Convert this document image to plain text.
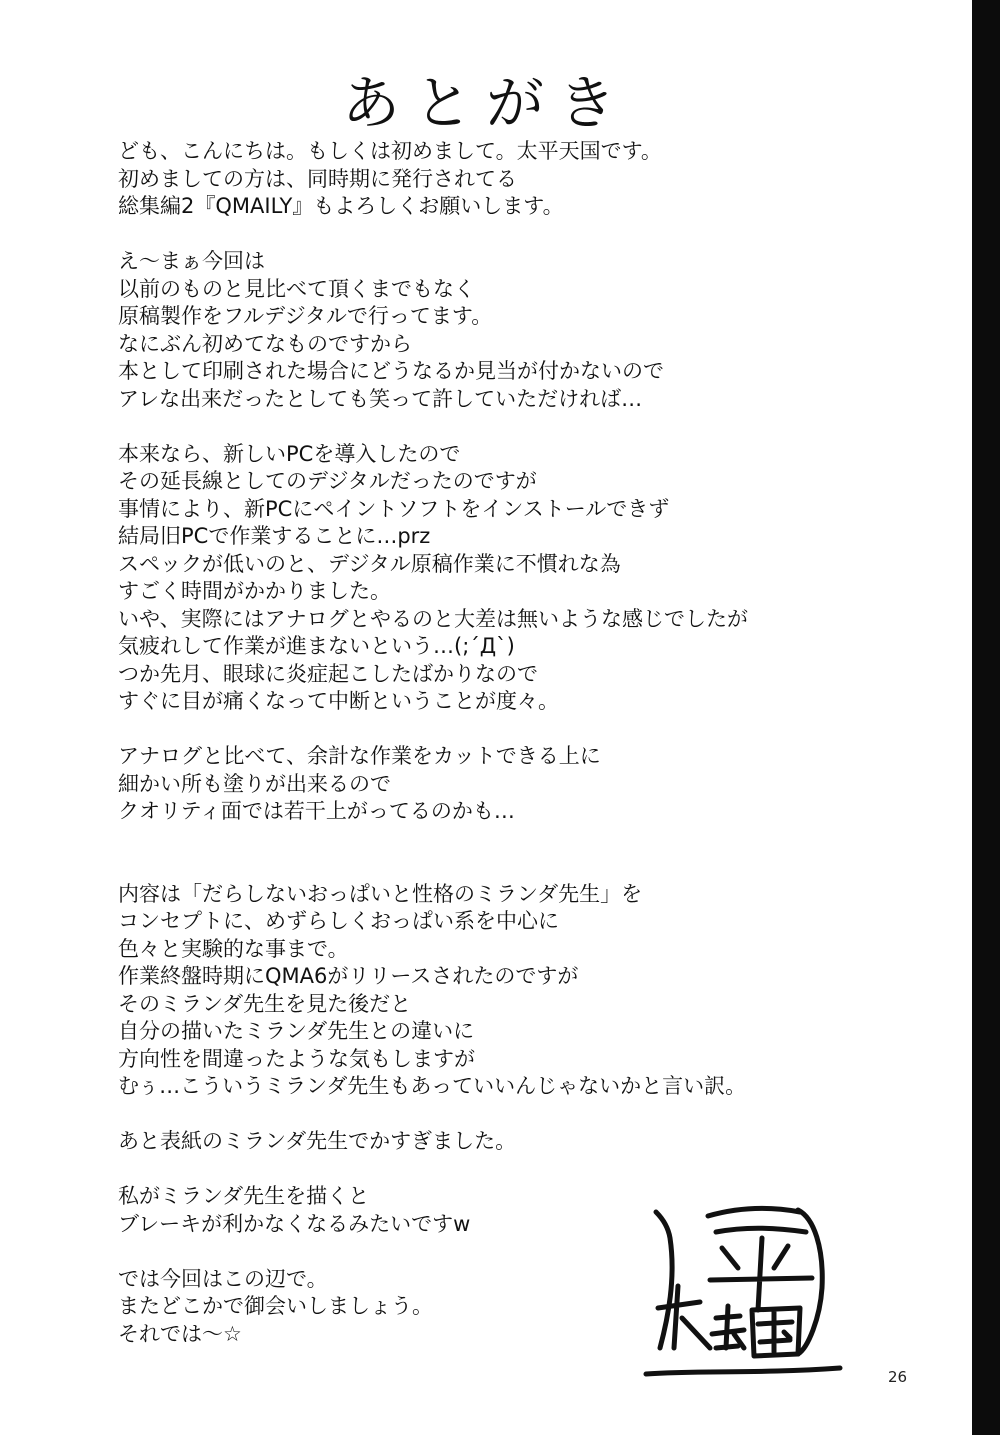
あとがき

ども、こんにちは。もしくは初めまして。太平天国です。
初めましての方は、同時期に発行されてる
総集編2『QMAILY』もよろしくお願いします。

え～まぁ今回は
以前のものと見比べて頂くまでもなく
原稿製作をフルデジタルで行ってます。
なにぶん初めてなものですから
本として印刷された場合にどうなるか見当が付かないので
アレな出来だったとしても笑って許していただければ…

本来なら、新しいPCを導入したので
その延長線としてのデジタルだったのですが
事情により、新PCにペイントソフトをインストールできず
結局旧PCで作業することに…prz
スペックが低いのと、デジタル原稿作業に不慣れな為
すごく時間がかかりました。
いや、実際にはアナログとやるのと大差は無いような感じでしたが
気疲れして作業が進まないという…(;´Д`)
つか先月、眼球に炎症起こしたばかりなので
すぐに目が痛くなって中断ということが度々。

アナログと比べて、余計な作業をカットできる上に
細かい所も塗りが出来るので
クオリティ面では若干上がってるのかも…

内容は「だらしないおっぱいと性格のミランダ先生」を
コンセプトに、めずらしくおっぱい系を中心に
色々と実験的な事まで。
作業終盤時期にQMA6がリリースされたのですが
そのミランダ先生を見た後だと
自分の描いたミランダ先生との違いに
方向性を間違ったような気もしますが
むぅ…こういうミランダ先生もあっていいんじゃないかと言い訳。

あと表紙のミランダ先生でかすぎました。

私がミランダ先生を描くと
ブレーキが利かなくなるみたいですw

では今回はこの辺で。
またどこかで御会いしましょう。
それでは～☆

26
